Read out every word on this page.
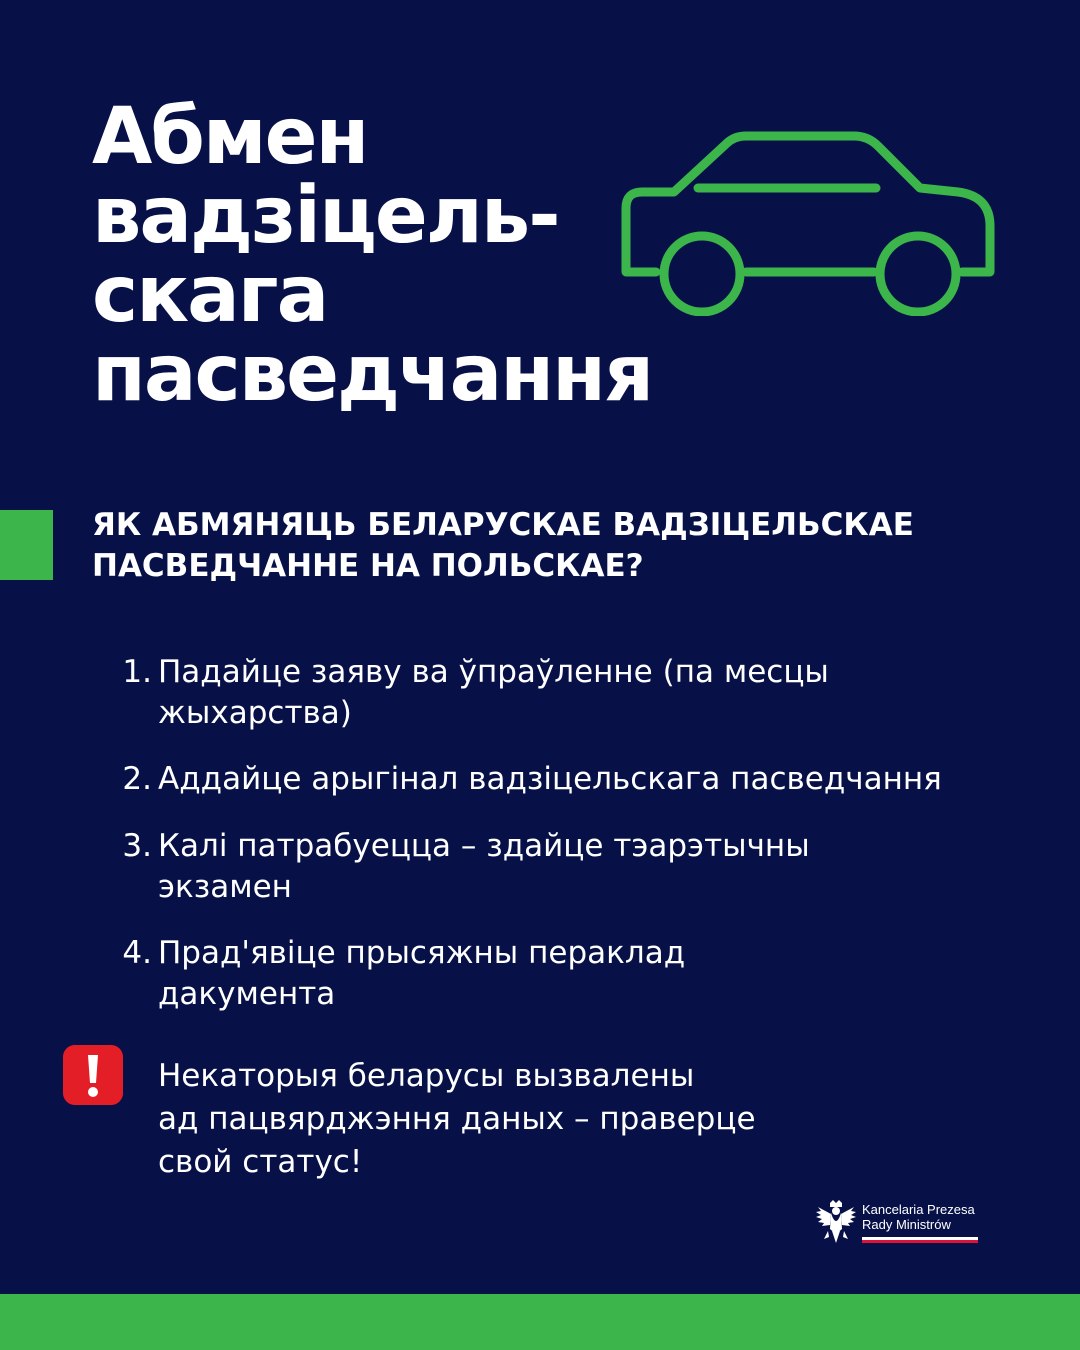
Абмен
вадзіцель-
скага
пасведчання
ЯК АБМЯНЯЦЬ БЕЛАРУСКАЕ ВАДЗІЦЕЛЬСКАЕ
ПАСВЕДЧАННЕ НА ПОЛЬСКАЕ?
1. Падайце заяву ва ўпраўленне (па месцы
жыхарства)
2. Аддайце арыгінал вадзіцельскага пасведчання
3. Калі патрабуецца – здайце тэарэтычны
экзамен
4. Прад'явіце прысяжны пераклад
дакумента
Некаторыя беларусы вызвалены
ад пацвярджэння даных – праверце
свой статус!
Kancelaria Prezesa
Rady Ministrów
